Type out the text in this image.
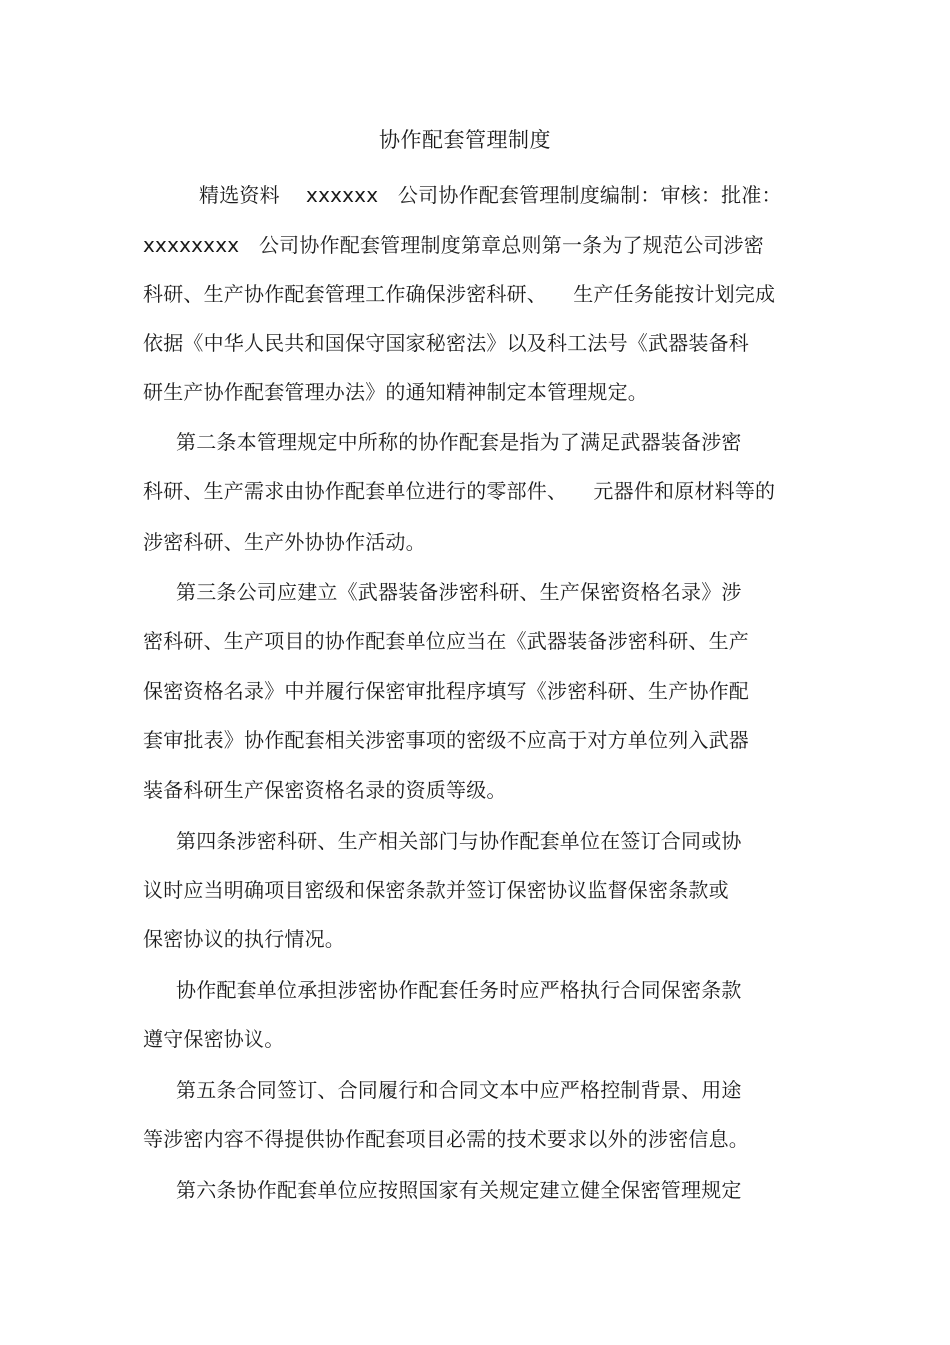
协作配套管理制度
精选资料    xxxxxx   公司协作配套管理制度编制：审核：批准：
xxxxxxxx   公司协作配套管理制度第章总则第一条为了规范公司涉密
科研、生产协作配套管理工作确保涉密科研、    生产任务能按计划完成
依据《中华人民共和国保守国家秘密法》以及科工法号《武器装备科
研生产协作配套管理办法》的通知精神制定本管理规定。
第二条本管理规定中所称的协作配套是指为了满足武器装备涉密
科研、生产需求由协作配套单位进行的零部件、    元器件和原材料等的
涉密科研、生产外协协作活动。
第三条公司应建立《武器装备涉密科研、生产保密资格名录》涉
密科研、生产项目的协作配套单位应当在《武器装备涉密科研、生产
保密资格名录》中并履行保密审批程序填写《涉密科研、生产协作配
套审批表》协作配套相关涉密事项的密级不应高于对方单位列入武器
装备科研生产保密资格名录的资质等级。
第四条涉密科研、生产相关部门与协作配套单位在签订合同或协
议时应当明确项目密级和保密条款并签订保密协议监督保密条款或
保密协议的执行情况。
协作配套单位承担涉密协作配套任务时应严格执行合同保密条款
遵守保密协议。
第五条合同签订、合同履行和合同文本中应严格控制背景、用途
等涉密内容不得提供协作配套项目必需的技术要求以外的涉密信息。
第六条协作配套单位应按照国家有关规定建立健全保密管理规定
